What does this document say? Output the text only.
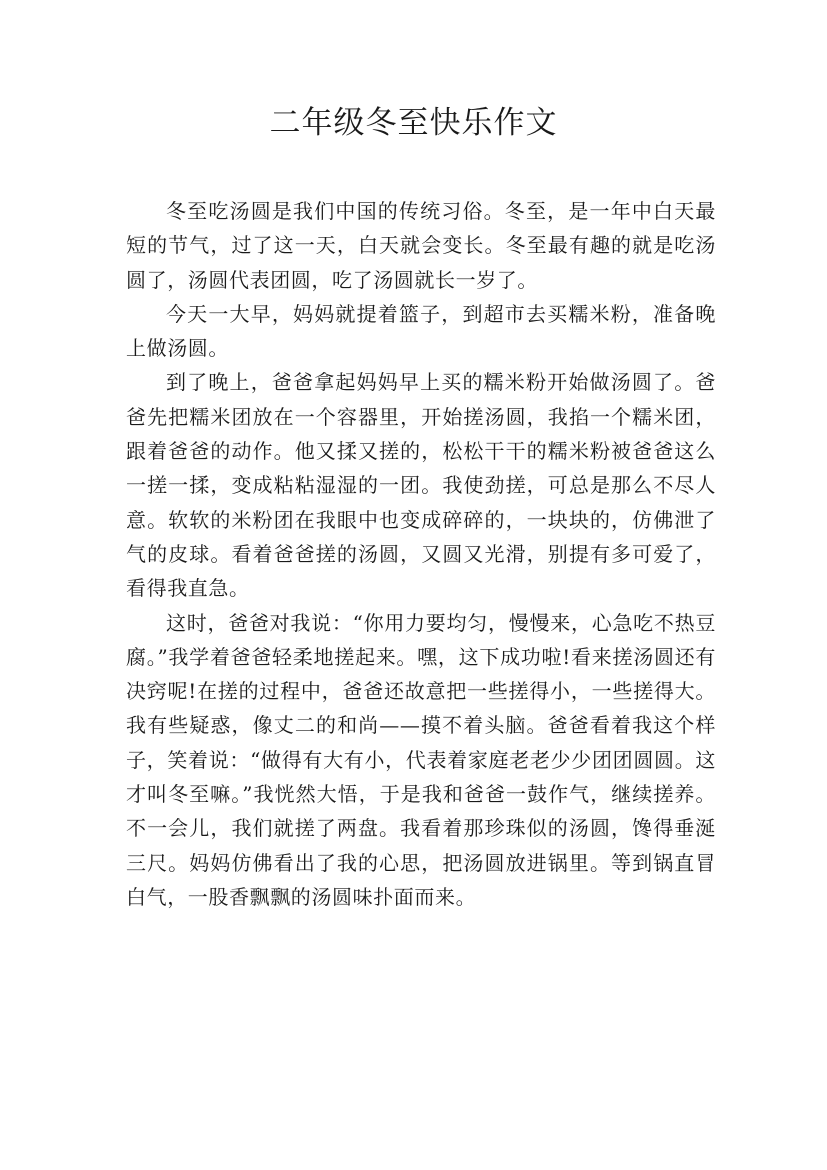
二年级冬至快乐作文

冬至吃汤圆是我们中国的传统习俗。冬至，是一年中白天最短的节气，过了这一天，白天就会变长。冬至最有趣的就是吃汤圆了，汤圆代表团圆，吃了汤圆就长一岁了。

今天一大早，妈妈就提着篮子，到超市去买糯米粉，准备晚上做汤圆。

到了晚上，爸爸拿起妈妈早上买的糯米粉开始做汤圆了。爸爸先把糯米团放在一个容器里，开始搓汤圆，我掐一个糯米团，跟着爸爸的动作。他又揉又搓的，松松干干的糯米粉被爸爸这么一搓一揉，变成粘粘湿湿的一团。我使劲搓，可总是那么不尽人意。软软的米粉团在我眼中也变成碎碎的，一块块的，仿佛泄了气的皮球。看着爸爸搓的汤圆，又圆又光滑，别提有多可爱了，看得我直急。

这时，爸爸对我说：“你用力要均匀，慢慢来，心急吃不热豆腐。”我学着爸爸轻柔地搓起来。嘿，这下成功啦!看来搓汤圆还有决窍呢!在搓的过程中，爸爸还故意把一些搓得小，一些搓得大。我有些疑惑，像丈二的和尚——摸不着头脑。爸爸看着我这个样子，笑着说：“做得有大有小，代表着家庭老老少少团团圆圆。这才叫冬至嘛。”我恍然大悟，于是我和爸爸一鼓作气，继续搓养。不一会儿，我们就搓了两盘。我看着那珍珠似的汤圆，馋得垂涎三尺。妈妈仿佛看出了我的心思，把汤圆放进锅里。等到锅直冒白气，一股香飘飘的汤圆味扑面而来。
